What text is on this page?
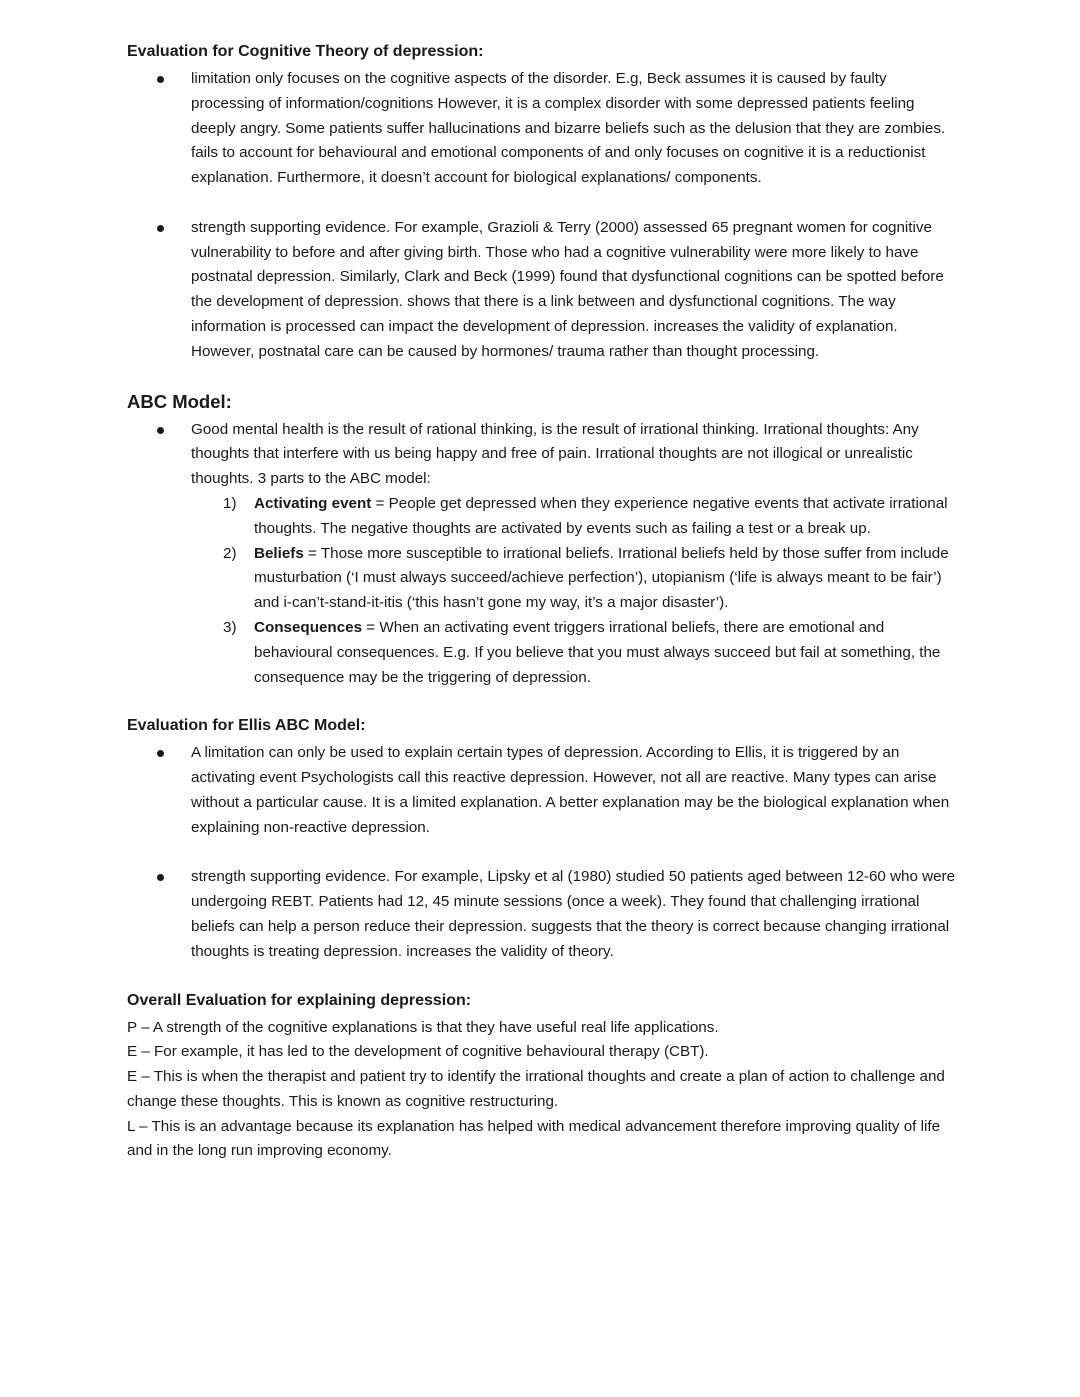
Evaluation for Cognitive Theory of depression:
limitation only focuses on the cognitive aspects of the disorder. E.g, Beck assumes it is caused by faulty processing of information/cognitions However, it is a complex disorder with some depressed patients feeling deeply angry. Some patients suffer hallucinations and bizarre beliefs such as the delusion that they are zombies. fails to account for behavioural and emotional components of and only focuses on cognitive it is a reductionist explanation. Furthermore, it doesn’t account for biological explanations/ components.
strength supporting evidence. For example, Grazioli & Terry (2000) assessed 65 pregnant women for cognitive vulnerability to before and after giving birth. Those who had a cognitive vulnerability were more likely to have postnatal depression. Similarly, Clark and Beck (1999) found that dysfunctional cognitions can be spotted before the development of depression. shows that there is a link between and dysfunctional cognitions. The way information is processed can impact the development of depression. increases the validity of explanation. However, postnatal care can be caused by hormones/ trauma rather than thought processing.
ABC Model:
Good mental health is the result of rational thinking, is the result of irrational thinking. Irrational thoughts: Any thoughts that interfere with us being happy and free of pain. Irrational thoughts are not illogical or unrealistic thoughts. 3 parts to the ABC model:
1) Activating event = People get depressed when they experience negative events that activate irrational thoughts. The negative thoughts are activated by events such as failing a test or a break up.
2) Beliefs = Those more susceptible to irrational beliefs. Irrational beliefs held by those suffer from include musturbation (‘I must always succeed/achieve perfection’), utopianism (‘life is always meant to be fair’) and i-can’t-stand-it-itis (‘this hasn’t gone my way, it’s a major disaster’).
3) Consequences = When an activating event triggers irrational beliefs, there are emotional and behavioural consequences. E.g. If you believe that you must always succeed but fail at something, the consequence may be the triggering of depression.
Evaluation for Ellis ABC Model:
A limitation can only be used to explain certain types of depression. According to Ellis, it is triggered by an activating event Psychologists call this reactive depression. However, not all are reactive. Many types can arise without a particular cause. It is a limited explanation. A better explanation may be the biological explanation when explaining non-reactive depression.
strength supporting evidence. For example, Lipsky et al (1980) studied 50 patients aged between 12-60 who were undergoing REBT. Patients had 12, 45 minute sessions (once a week). They found that challenging irrational beliefs can help a person reduce their depression. suggests that the theory is correct because changing irrational thoughts is treating depression. increases the validity of theory.
Overall Evaluation for explaining depression:

P – A strength of the cognitive explanations is that they have useful real life applications.

E – For example, it has led to the development of cognitive behavioural therapy (CBT).

E – This is when the therapist and patient try to identify the irrational thoughts and create a plan of action to challenge and change these thoughts. This is known as cognitive restructuring.

L – This is an advantage because its explanation has helped with medical advancement therefore improving quality of life and in the long run improving economy.
